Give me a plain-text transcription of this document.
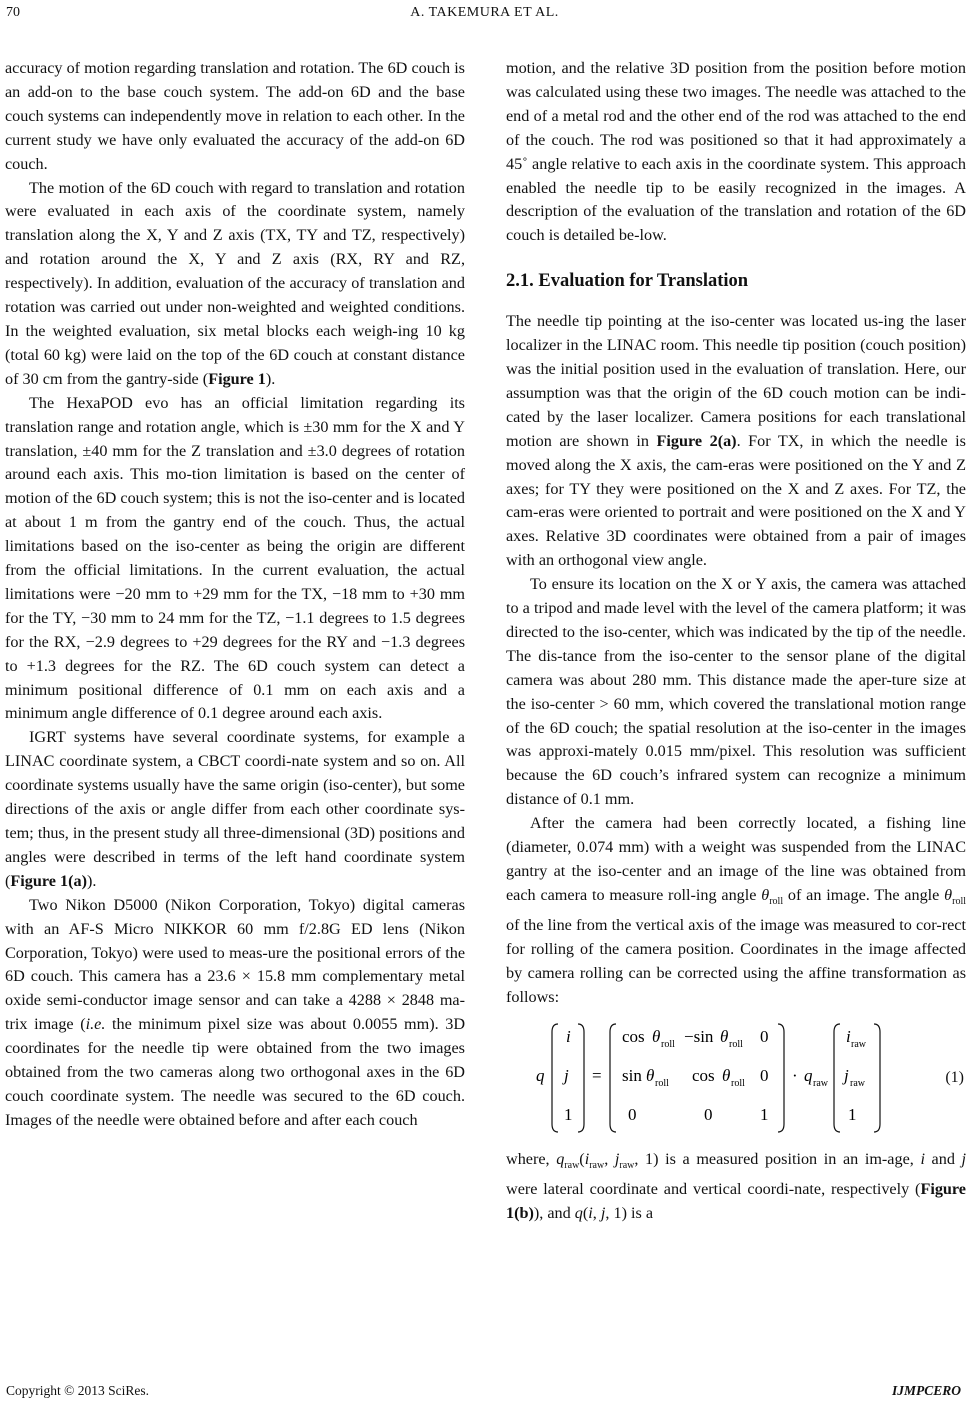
70	A. TAKEMURA ET AL.

accuracy of motion regarding translation and rotation. The 6D couch is an add-on to the base couch system. The add-on 6D and the base couch systems can independently move in relation to each other. In the current study we have only evaluated the accuracy of the add-on 6D couch.

The motion of the 6D couch with regard to translation and rotation were evaluated in each axis of the coordinate system, namely translation along the X, Y and Z axis (TX, TY and TZ, respectively) and rotation around the X, Y and Z axis (RX, RY and RZ, respectively). In addition, evaluation of the accuracy of translation and rotation was carried out under non-weighted and weighted conditions. In the weighted evaluation, six metal blocks each weigh-ing 10 kg (total 60 kg) were laid on the top of the 6D couch at constant distance of 30 cm from the gantry-side (Figure 1).

The HexaPOD evo has an official limitation regarding its translation range and rotation angle, which is ±30 mm for the X and Y translation, ±40 mm for the Z translation and ±3.0 degrees of rotation around each axis. This mo-tion limitation is based on the center of motion of the 6D couch system; this is not the iso-center and is located at about 1 m from the gantry end of the couch. Thus, the actual limitations based on the iso-center as being the origin are different from the official limitations. In the current evaluation, the actual limitations were −20 mm to +29 mm for the TX, −18 mm to +30 mm for the TY, −30 mm to 24 mm for the TZ, −1.1 degrees to 1.5 degrees for the RX, −2.9 degrees to +29 degrees for the RY and −1.3 degrees to +1.3 degrees for the RZ. The 6D couch system can detect a minimum positional difference of 0.1 mm on each axis and a minimum angle difference of 0.1 degree around each axis.

IGRT systems have several coordinate systems, for example a LINAC coordinate system, a CBCT coordi-nate system and so on. All coordinate systems usually have the same origin (iso-center), but some directions of the axis or angle differ from each other coordinate sys-tem; thus, in the present study all three-dimensional (3D) positions and angles were described in terms of the left hand coordinate system (Figure 1(a)).

Two Nikon D5000 (Nikon Corporation, Tokyo) digital cameras with an AF-S Micro NIKKOR 60 mm f/2.8G ED lens (Nikon Corporation, Tokyo) were used to meas-ure the positional errors of the 6D couch. This camera has a 23.6 × 15.8 mm complementary metal oxide semi-conductor image sensor and can take a 4288 × 2848 ma-trix image (i.e. the minimum pixel size was about 0.0055 mm). 3D coordinates for the needle tip were obtained from the two images obtained from the two cameras along two orthogonal axes in the 6D couch coordinate system. The needle was secured to the 6D couch. Images of the needle were obtained before and after each couch

motion, and the relative 3D position from the position before motion was calculated using these two images. The needle was attached to the end of a metal rod and the other end of the rod was attached to the end of the couch. The rod was positioned so that it had approximately a 45˚ angle relative to each axis in the coordinate system. This approach enabled the needle tip to be easily recognized in the images. A description of the evaluation of the translation and rotation of the 6D couch is detailed be-low.

2.1. Evaluation for Translation

The needle tip pointing at the iso-center was located us-ing the laser localizer in the LINAC room. This needle tip position (couch position) was the initial position used in the evaluation of translation. Here, our assumption was that the origin of the 6D couch motion can be indi-cated by the laser localizer. Camera positions for each translational motion are shown in Figure 2(a). For TX, in which the needle is moved along the X axis, the cam-eras were positioned on the Y and Z axes; for TY they were positioned on the X and Z axes. For TZ, the cam-eras were oriented to portrait and were positioned on the X and Y axes. Relative 3D coordinates were obtained from a pair of images with an orthogonal view angle.

To ensure its location on the X or Y axis, the camera was attached to a tripod and made level with the level of the camera platform; it was directed to the iso-center, which was indicated by the tip of the needle. The dis-tance from the iso-center to the sensor plane of the digital camera was about 280 mm. This distance made the aper-ture size at the iso-center > 60 mm, which covered the translational motion range of the 6D couch; the spatial resolution at the iso-center in the images was approxi-mately 0.015 mm/pixel. This resolution was sufficient because the 6D couch’s infrared system can recognize a minimum distance of 0.1 mm.

After the camera had been correctly located, a fishing line (diameter, 0.074 mm) with a weight was suspended from the LINAC gantry at the iso-center and an image of the line was obtained from each camera to measure roll-ing angle $\theta_{roll}$ of an image. The angle $\theta_{roll}$ of the line from the vertical axis of the image was measured to cor-rect for rolling of the camera position. Coordinates in the image affected by camera rolling can be corrected using the affine transformation as follows:

q
i
j
1
=
cos θ roll −sin θ roll 0
sin θ roll cos θ roll 0
0	0	1
· q raw
i raw
j raw
1
(1)

where, $q_{raw}(i_{raw}$, $j_{raw}$, 1) is a measured position in an im-age, i and j were lateral coordinate and vertical coordi-nate, respectively (Figure 1(b)), and q(i, j, 1) is a

Copyright © 2013 SciRes.	IJMPCERO
